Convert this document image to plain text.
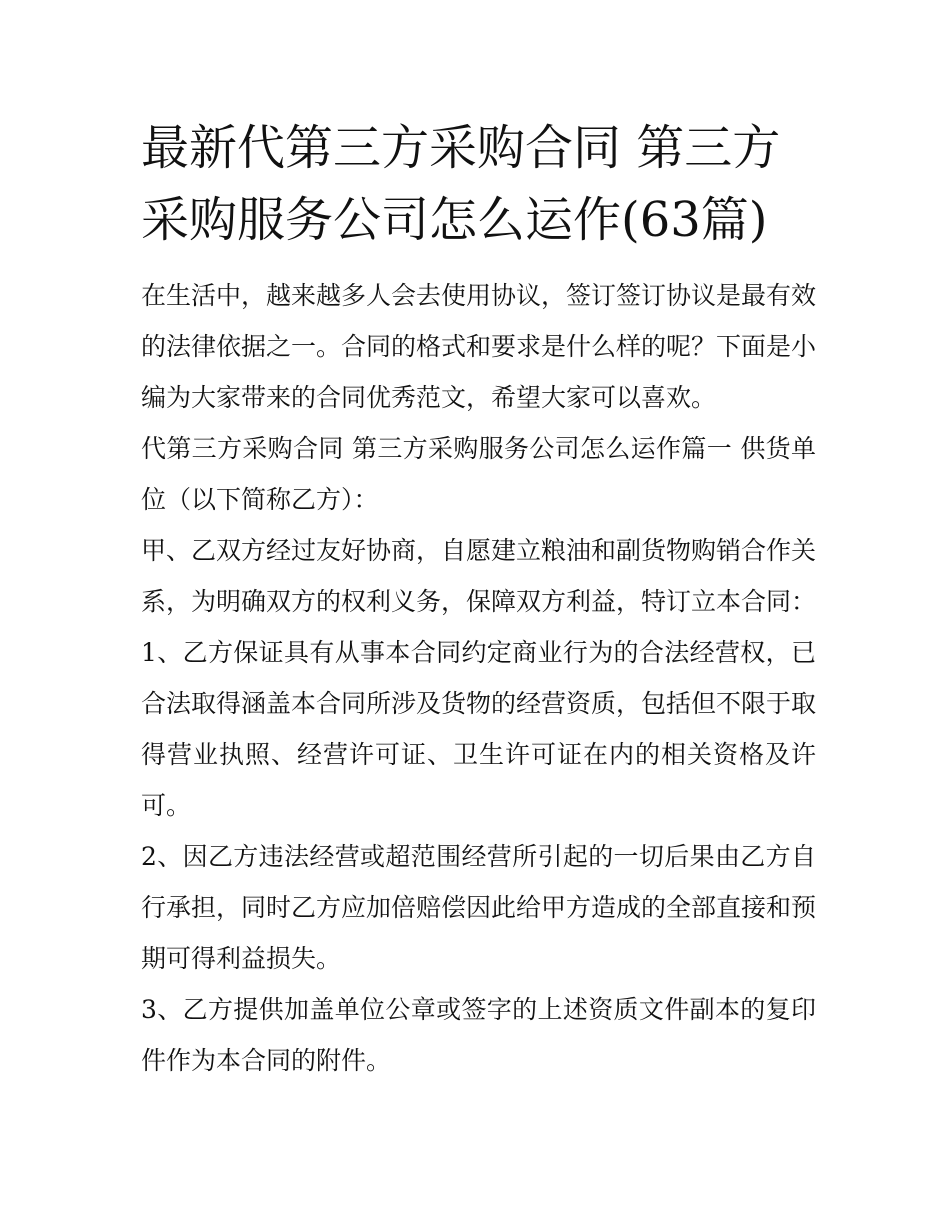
最新代第三方采购合同 第三方采购服务公司怎么运作(63篇)

在生活中，越来越多人会去使用协议，签订签订协议是最有效的法律依据之一。合同的格式和要求是什么样的呢？下面是小编为大家带来的合同优秀范文，希望大家可以喜欢。

代第三方采购合同 第三方采购服务公司怎么运作篇一 供货单位（以下简称乙方）：

甲、乙双方经过友好协商，自愿建立粮油和副货物购销合作关系，为明确双方的权利义务，保障双方利益，特订立本合同：

1、乙方保证具有从事本合同约定商业行为的合法经营权，已合法取得涵盖本合同所涉及货物的经营资质，包括但不限于取得营业执照、经营许可证、卫生许可证在内的相关资格及许可。

2、因乙方违法经营或超范围经营所引起的一切后果由乙方自行承担，同时乙方应加倍赔偿因此给甲方造成的全部直接和预期可得利益损失。

3、乙方提供加盖单位公章或签字的上述资质文件副本的复印件作为本合同的附件。
